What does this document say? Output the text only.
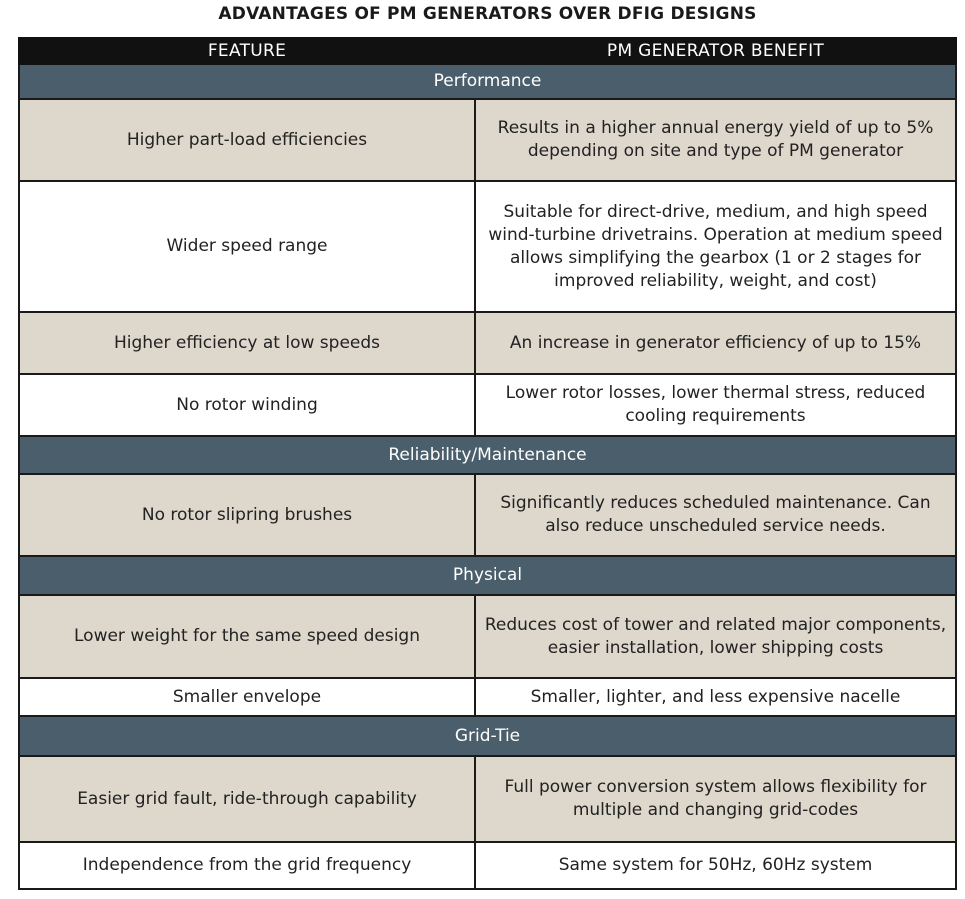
ADVANTAGES OF PM GENERATORS OVER DFIG DESIGNS
FEATURE	PM GENERATOR BENEFIT
Performance	
Higher part-load efficiencies	Results in a higher annual energy yield of up to 5% depending on site and type of PM generator
Wider speed range	Suitable for direct-drive, medium, and high speed wind-turbine drivetrains. Operation at medium speed allows simplifying the gearbox (1 or 2 stages for improved reliability, weight, and cost)
Higher efficiency at low speeds	An increase in generator efficiency of up to 15%
No rotor winding	Lower rotor losses, lower thermal stress, reduced cooling requirements
Reliability/Maintenance	
No rotor slipring brushes	Significantly reduces scheduled maintenance. Can also reduce unscheduled service needs.
Physical	
Lower weight for the same speed design	Reduces cost of tower and related major components, easier installation, lower shipping costs
Smaller envelope	Smaller, lighter, and less expensive nacelle
Grid-Tie	
Easier grid fault, ride-through capability	Full power conversion system allows flexibility for multiple and changing grid-codes
Independence from the grid frequency	Same system for 50Hz, 60Hz system
